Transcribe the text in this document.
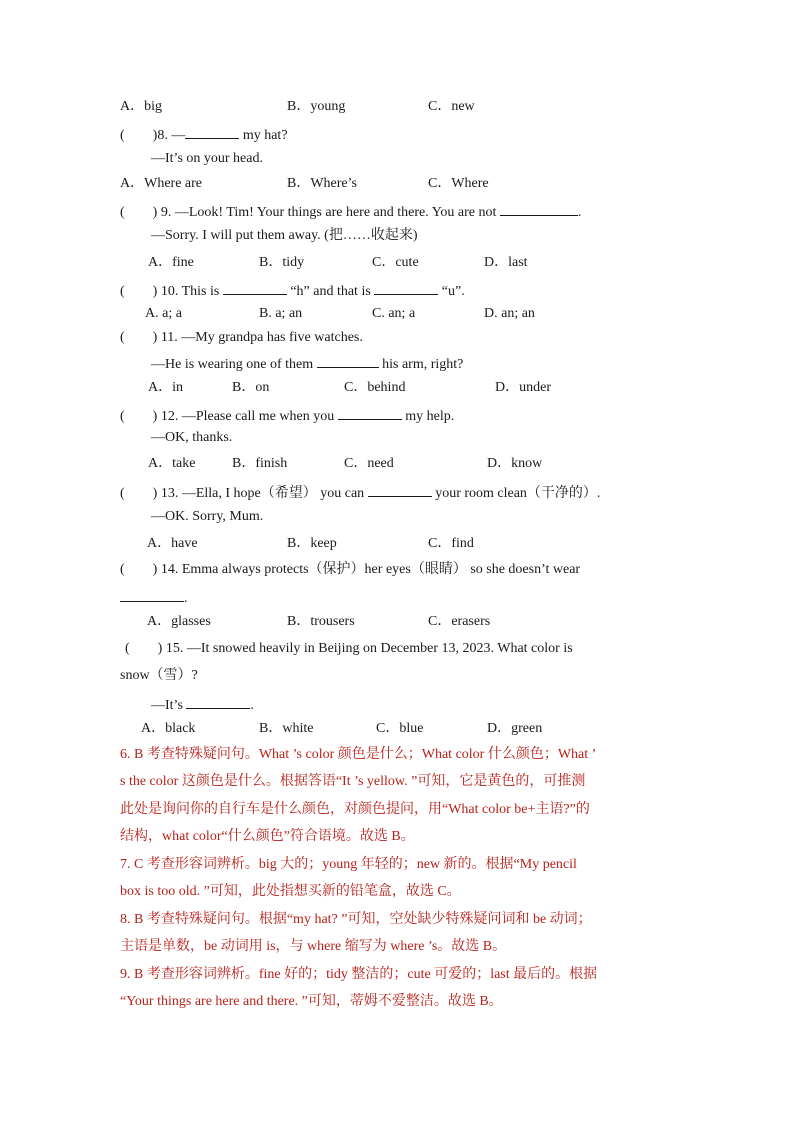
A．big	B．young	C．new
(　　)8. —	my hat?
—It’s on your head.
A．Where are	B．Where’s	C．Where
(　　) 9. —Look! Tim! Your things are here and there. You are not	.
—Sorry. I will put them away. (把……收起来)
A．fine	B．tidy	C．cute	D．last
(　　) 10. This is	“h” and that is	“u”.
A. a; a	B. a; an	C. an; a	D. an; an
(　　) 11. —My grandpa has five watches.
—He is wearing one of them	his arm, right?
A．in	B．on	C．behind	D．under
(　　) 12. —Please call me when you	my help.
—OK, thanks.
A．take	B．finish	C．need	D．know
(　　) 13. —Ella, I hope（希望） you can	your room clean（干净的）.
—OK. Sorry, Mum.
A．have	B．keep	C．find
(　　) 14. Emma always protects（保护）her eyes（眼睛） so she doesn’t wear
.
A．glasses	B．trousers	C．erasers
(　　) 15. —It snowed heavily in Beijing on December 13, 2023. What color is
snow（雪）?
—It’s	.
A．black	B．white	C．blue	D．green
6. B 考查特殊疑问句。What ’s color 颜色是什么；What color 什么颜色；What ’
s the color 这颜色是什么。根据答语“It ’s yellow. ”可知，它是黄色的，可推测
此处是询问你的自行车是什么颜色，对颜色提问，用“What color be+主语?”的
结构，what color“什么颜色”符合语境。故选 B。
7. C 考查形容词辨析。big 大的；young 年轻的；new 新的。根据“My pencil
box is too old. ”可知，此处指想买新的铅笔盒，故选 C。
8. B 考查特殊疑问句。根据“my hat? ”可知，空处缺少特殊疑问词和 be 动词；
主语是单数，be 动词用 is，与 where 缩写为 where ’s。故选 B。
9. B 考查形容词辨析。fine 好的；tidy 整洁的；cute 可爱的；last 最后的。根据
“Your things are here and there. ”可知，蒂姆不爱整洁。故选 B。
